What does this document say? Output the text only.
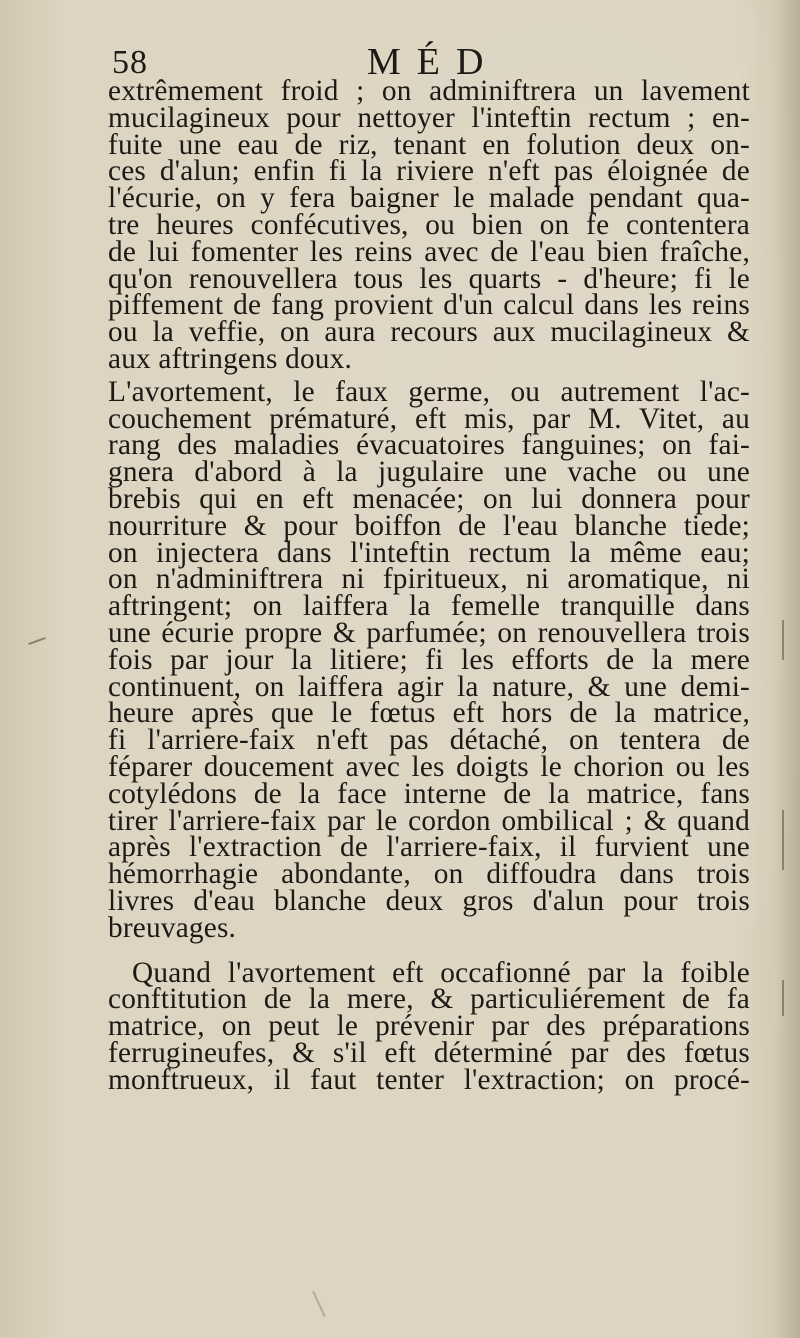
58	MÉD
extrêmement froid ; on adminiftrera un lavement
mucilagineux pour nettoyer l'inteftin rectum ; en-
fuite une eau de riz, tenant en folution deux on-
ces d'alun; enfin fi la riviere n'eft pas éloignée de
l'écurie, on y fera baigner le malade pendant qua-
tre heures confécutives, ou bien on fe contentera
de lui fomenter les reins avec de l'eau bien fraîche,
qu'on renouvellera tous les quarts - d'heure; fi le
piffement de fang provient d'un calcul dans les reins
ou la veffie, on aura recours aux mucilagineux &
aux aftringens doux.
L'avortement, le faux germe, ou autrement l'ac-
couchement prématuré, eft mis, par M. Vitet, au
rang des maladies évacuatoires fanguines; on fai-
gnera d'abord à la jugulaire une vache ou une
brebis qui en eft menacée; on lui donnera pour
nourriture & pour boiffon de l'eau blanche tiede;
on injectera dans l'inteftin rectum la même eau;
on n'adminiftrera ni fpiritueux, ni aromatique, ni
aftringent; on laiffera la femelle tranquille dans
une écurie propre & parfumée; on renouvellera trois
fois par jour la litiere; fi les efforts de la mere
continuent, on laiffera agir la nature, & une demi-
heure après que le fœtus eft hors de la matrice,
fi l'arriere-faix n'eft pas détaché, on tentera de
féparer doucement avec les doigts le chorion ou les
cotylédons de la face interne de la matrice, fans
tirer l'arriere-faix par le cordon ombilical ; & quand
après l'extraction de l'arriere-faix, il furvient une
hémorrhagie abondante, on diffoudra dans trois
livres d'eau blanche deux gros d'alun pour trois
breuvages.
Quand l'avortement eft occafionné par la foible
conftitution de la mere, & particuliérement de fa
matrice, on peut le prévenir par des préparations
ferrugineufes, & s'il eft déterminé par des fœtus
monftrueux, il faut tenter l'extraction; on procé-
